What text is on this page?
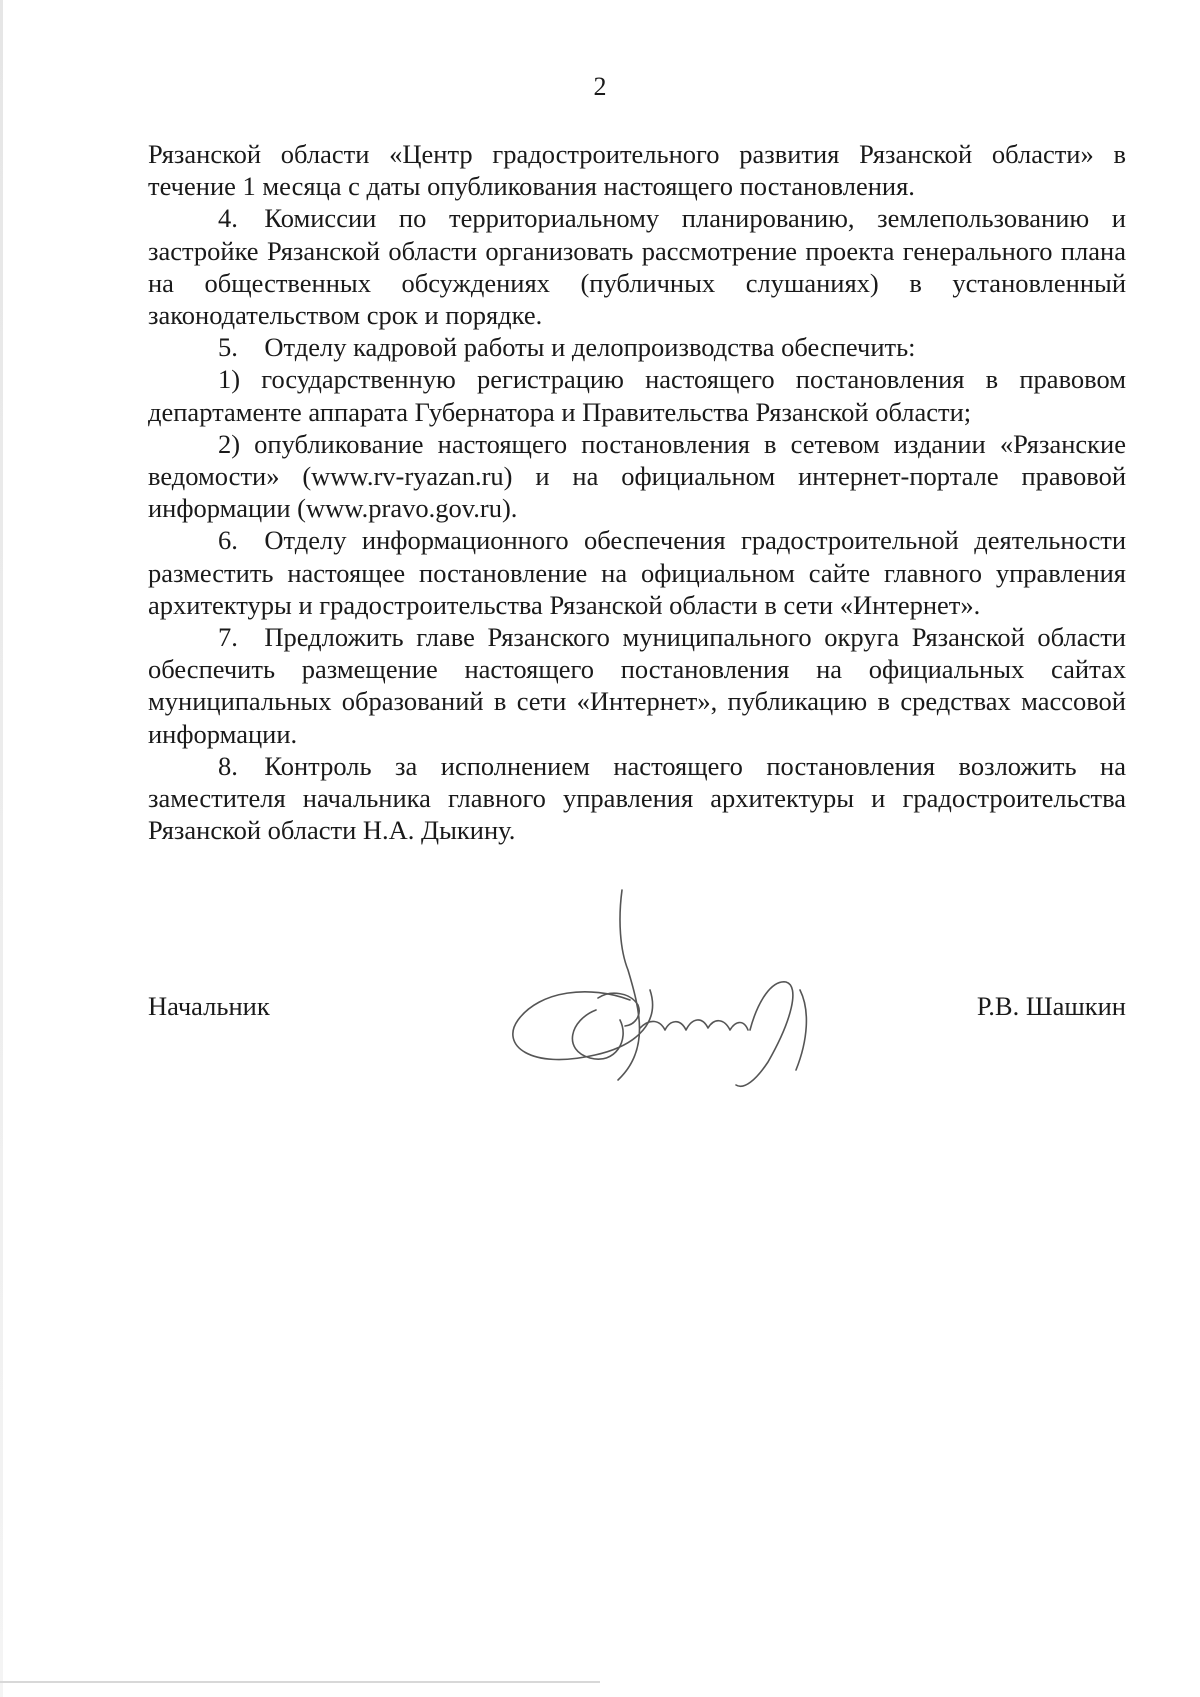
2

Рязанской области «Центр градостроительного развития Рязанской области» в течение 1 месяца с даты опубликования настоящего постановления.

4. Комиссии по территориальному планированию, землепользованию и застройке Рязанской области организовать рассмотрение проекта генерального плана на общественных обсуждениях (публичных слушаниях) в установленный законодательством срок и порядке.

5. Отделу кадровой работы и делопроизводства обеспечить:

1) государственную регистрацию настоящего постановления в правовом департаменте аппарата Губернатора и Правительства Рязанской области;

2) опубликование настоящего постановления в сетевом издании «Рязанские ведомости» (www.rv-ryazan.ru) и на официальном интернет-портале правовой информации (www.pravo.gov.ru).

6. Отделу информационного обеспечения градостроительной деятельности разместить настоящее постановление на официальном сайте главного управления архитектуры и градостроительства Рязанской области в сети «Интернет».

7. Предложить главе Рязанского муниципального округа Рязанской области обеспечить размещение настоящего постановления на официальных сайтах муниципальных образований в сети «Интернет», публикацию в средствах массовой информации.

8. Контроль за исполнением настоящего постановления возложить на заместителя начальника главного управления архитектуры и градостроительства Рязанской области Н.А. Дыкину.

Начальник	Р.В. Шашкин
